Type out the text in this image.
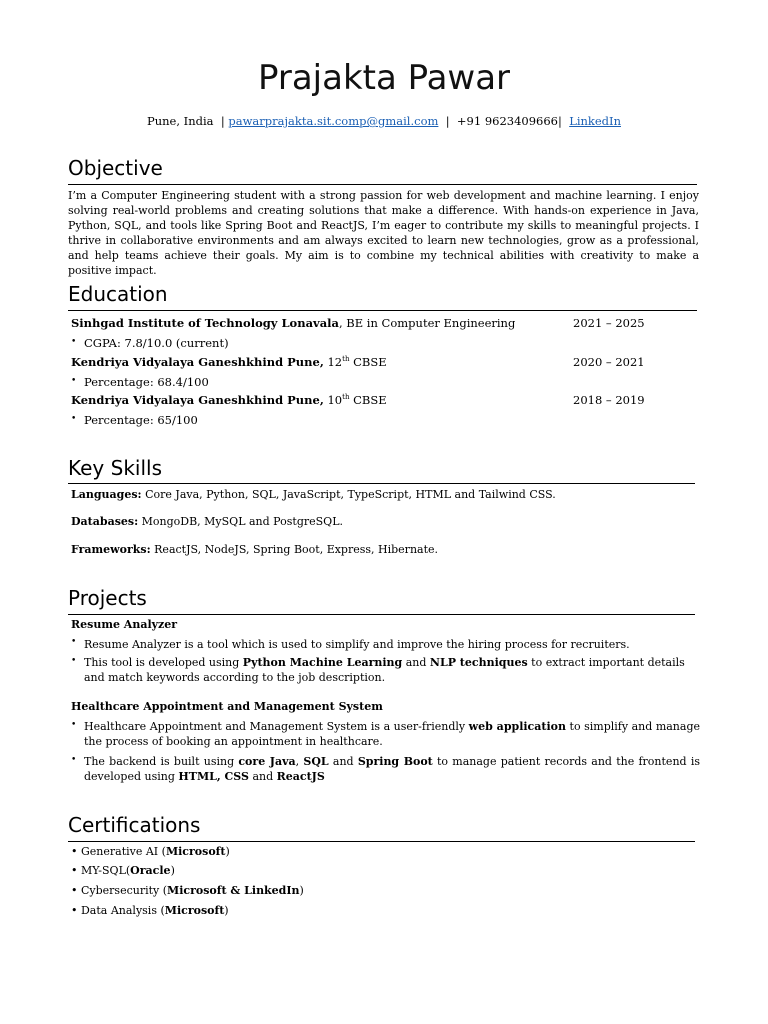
Prajakta Pawar
Pune, India | pawarprajakta.sit.comp@gmail.com | +91 9623409666| LinkedIn
Objective
I’m a Computer Engineering student with a strong passion for web development and machine learning. I enjoy solving real-world problems and creating solutions that make a difference. With hands-on experience in Java, Python, SQL, and tools like Spring Boot and ReactJS, I’m eager to contribute my skills to meaningful projects. I thrive in collaborative environments and am always excited to learn new technologies, grow as a professional, and help teams achieve their goals. My aim is to combine my technical abilities with creativity to make a positive impact.
Education
Sinhgad Institute of Technology Lonavala, BE in Computer Engineering	2021 – 2025
• CGPA: 7.8/10.0 (current)
Kendriya Vidyalaya Ganeshkhind Pune, 12th CBSE	2020 – 2021
• Percentage: 68.4/100
Kendriya Vidyalaya Ganeshkhind Pune, 10th CBSE	2018 – 2019
• Percentage: 65/100
Key Skills
Languages: Core Java, Python, SQL, JavaScript, TypeScript, HTML and Tailwind CSS.
Databases: MongoDB, MySQL and PostgreSQL.
Frameworks: ReactJS, NodeJS, Spring Boot, Express, Hibernate.
Projects
Resume Analyzer
• Resume Analyzer is a tool which is used to simplify and improve the hiring process for recruiters.
• This tool is developed using Python Machine Learning and NLP techniques to extract important details and match keywords according to the job description.
Healthcare Appointment and Management System
• Healthcare Appointment and Management System is a user-friendly web application to simplify and manage the process of booking an appointment in healthcare.
• The backend is built using core Java, SQL and Spring Boot to manage patient records and the frontend is developed using HTML, CSS and ReactJS
Certifications
• Generative AI (Microsoft)
• MY-SQL(Oracle)
• Cybersecurity (Microsoft & LinkedIn)
• Data Analysis (Microsoft)
